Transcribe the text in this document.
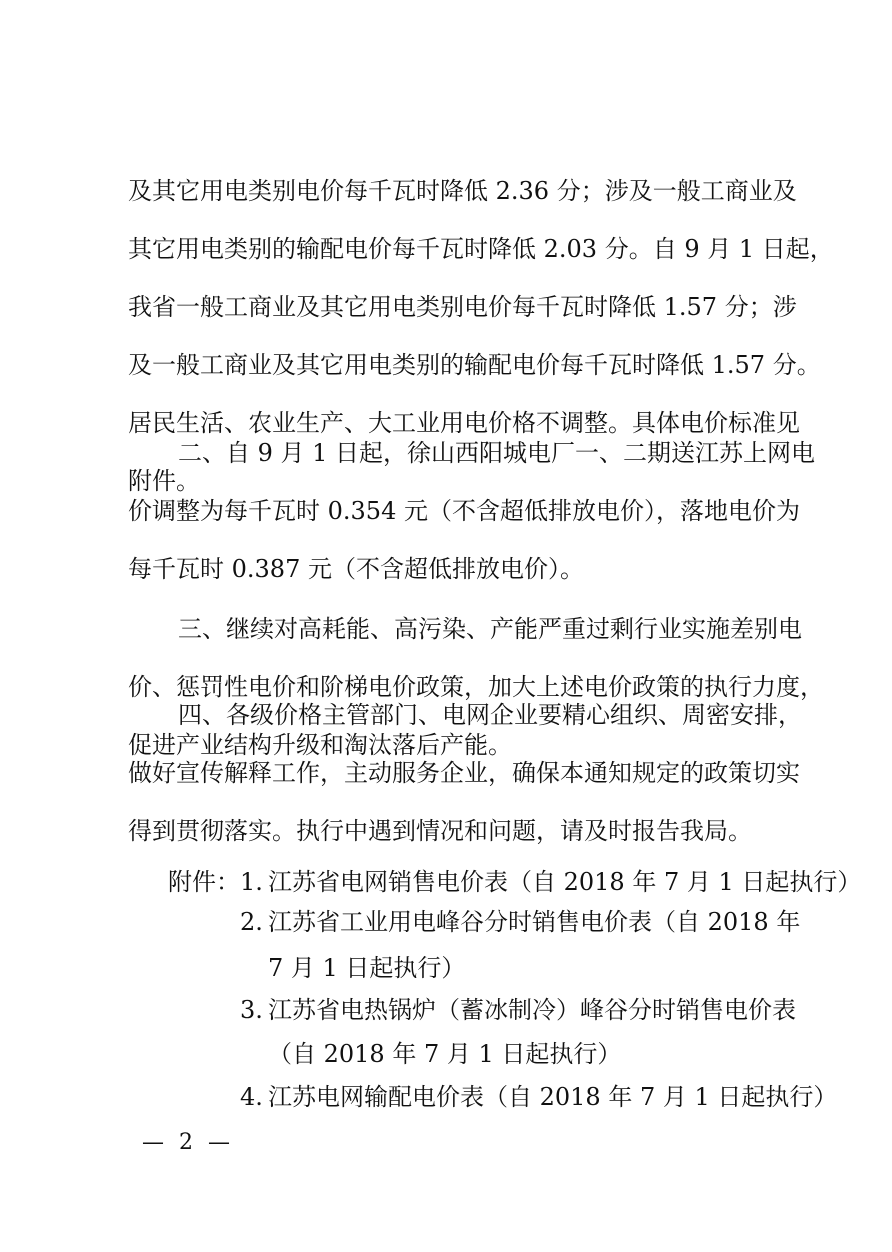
及其它用电类别电价每千瓦时降低 2.36 分；涉及一般工商业及
其它用电类别的输配电价每千瓦时降低 2.03 分。自 9 月 1 日起，
我省一般工商业及其它用电类别电价每千瓦时降低 1.57 分；涉
及一般工商业及其它用电类别的输配电价每千瓦时降低 1.57 分。
居民生活、农业生产、大工业用电价格不调整。具体电价标准见
附件。
二、自 9 月 1 日起，徐山西阳城电厂一、二期送江苏上网电
价调整为每千瓦时 0.354 元（不含超低排放电价），落地电价为
每千瓦时 0.387 元（不含超低排放电价）。
三、继续对高耗能、高污染、产能严重过剩行业实施差别电
价、惩罚性电价和阶梯电价政策，加大上述电价政策的执行力度，
促进产业结构升级和淘汰落后产能。
四、各级价格主管部门、电网企业要精心组织、周密安排，
做好宣传解释工作，主动服务企业，确保本通知规定的政策切实
得到贯彻落实。执行中遇到情况和问题，请及时报告我局。
附件： 1. 江苏省电网销售电价表（自 2018 年 7 月 1 日起执行）
2. 江苏省工业用电峰谷分时销售电价表（自 2018 年
7 月 1 日起执行）
3. 江苏省电热锅炉（蓄冰制冷）峰谷分时销售电价表
（自 2018 年 7 月 1 日起执行）
4. 江苏电网输配电价表（自 2018 年 7 月 1 日起执行）
— 2 —
